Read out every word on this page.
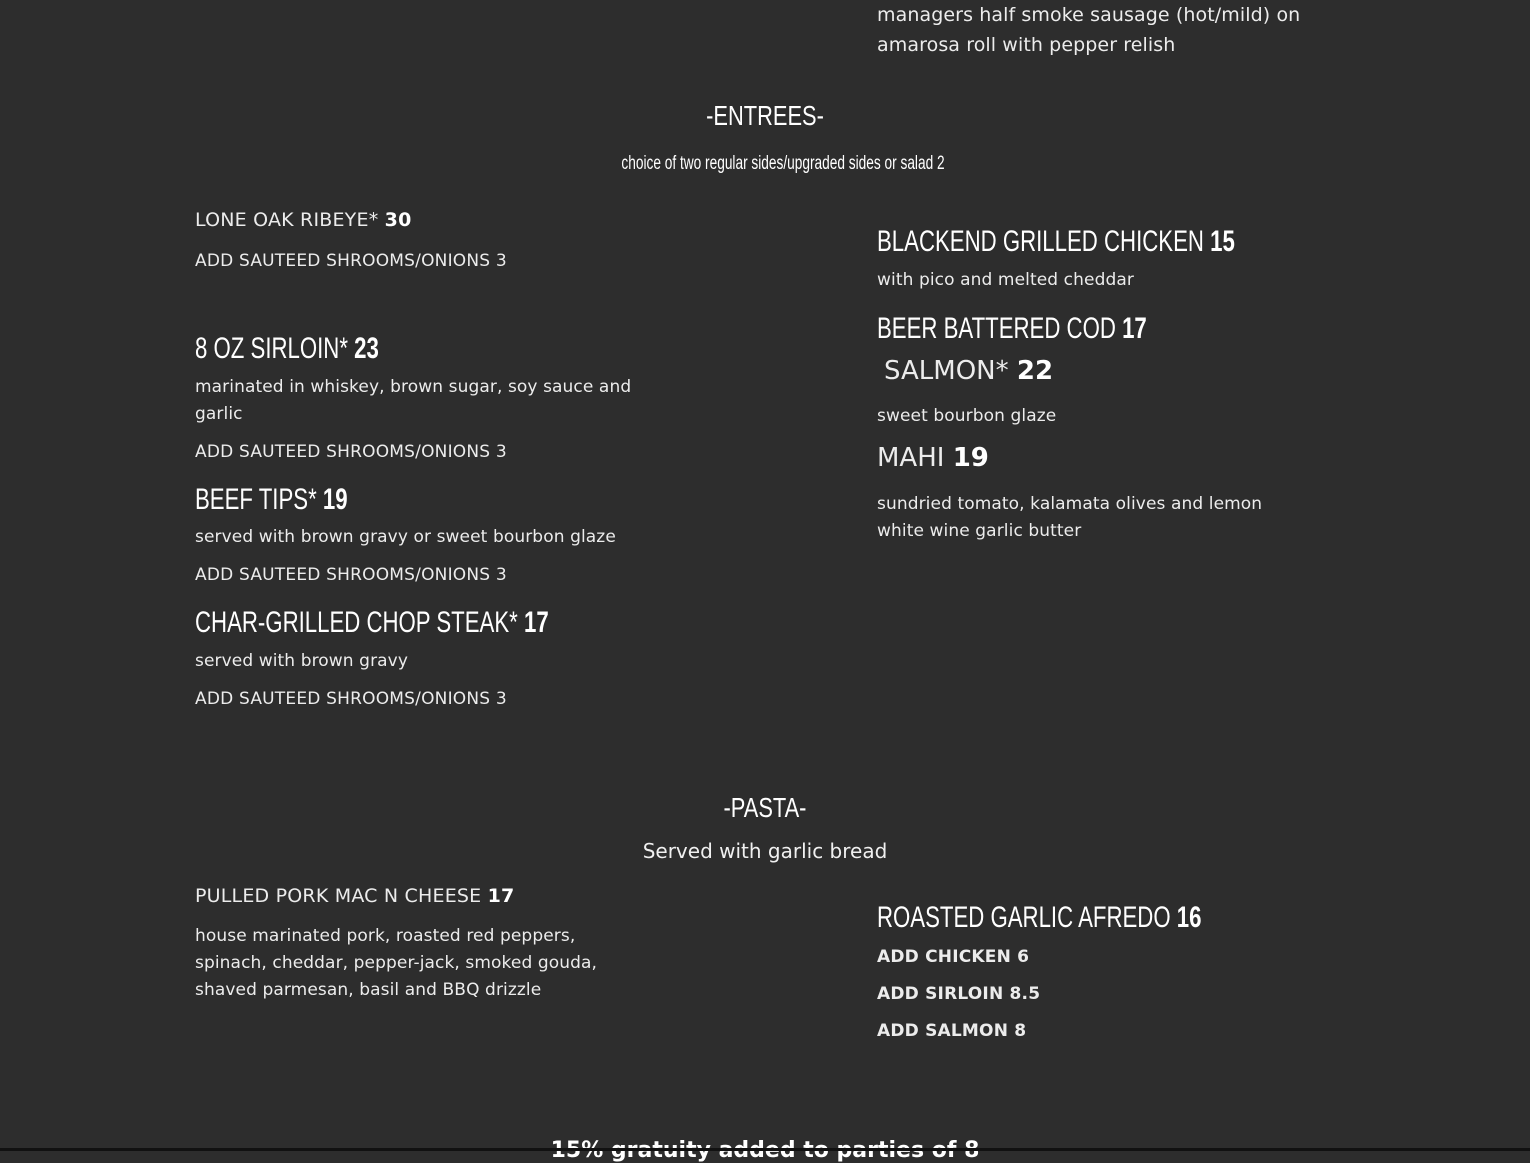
managers half smoke sausage (hot/mild) on amarosa roll with pepper relish
-ENTREES-
choice of two regular sides/upgraded sides or salad 2
LONE OAK RIBEYE* 30
ADD SAUTEED SHROOMS/ONIONS 3
8 OZ SIRLOIN* 23
marinated in whiskey, brown sugar, soy sauce and garlic
ADD SAUTEED SHROOMS/ONIONS 3
BEEF TIPS* 19
served with brown gravy or sweet bourbon glaze
ADD SAUTEED SHROOMS/ONIONS 3
CHAR-GRILLED CHOP STEAK* 17
served with brown gravy
ADD SAUTEED SHROOMS/ONIONS 3
BLACKEND GRILLED CHICKEN 15
with pico and melted cheddar
BEER BATTERED COD 17
SALMON* 22
sweet bourbon glaze
MAHI 19
sundried tomato, kalamata olives and lemon white wine garlic butter
-PASTA-
Served with garlic bread
PULLED PORK MAC N CHEESE 17
house marinated pork, roasted red peppers, spinach, cheddar, pepper-jack, smoked gouda, shaved parmesan, basil and BBQ drizzle
ROASTED GARLIC AFREDO 16
ADD CHICKEN 6
ADD SIRLOIN 8.5
ADD SALMON 8
